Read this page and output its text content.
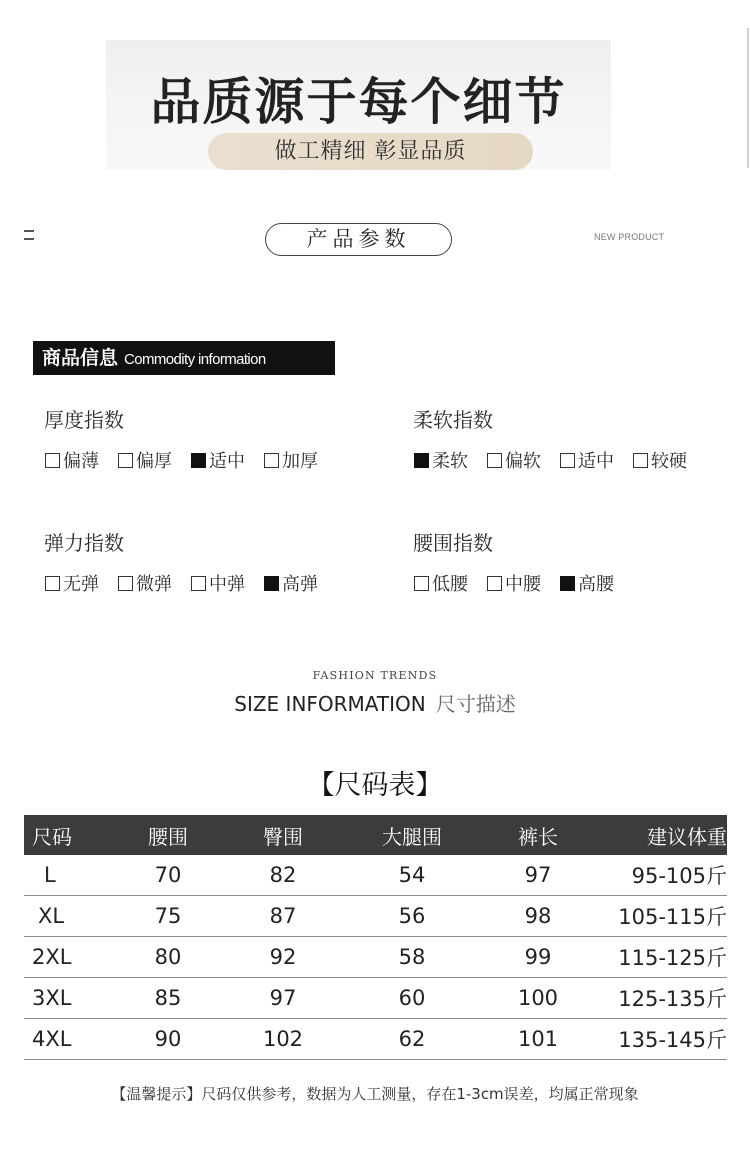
品质源于每个细节
做工精细 彰显品质
产品参数	NEW PRODUCT
商品信息 Commodity information
厚度指数
偏薄 偏厚 适中 加厚
柔软指数
柔软 偏软 适中 较硬
弹力指数
无弹 微弹 中弹 高弹
腰围指数
低腰 中腰 高腰
FASHION TRENDS
SIZE INFORMATION 尺寸描述
【尺码表】
尺码	腰围	臀围	大腿围	裤长	建议体重
L	70	82	54	97	95-105斤
XL	75	87	56	98	105-115斤
2XL	80	92	58	99	115-125斤
3XL	85	97	60	100	125-135斤
4XL	90	102	62	101	135-145斤
【温馨提示】尺码仅供参考，数据为人工测量，存在1-3cm误差，均属正常现象
